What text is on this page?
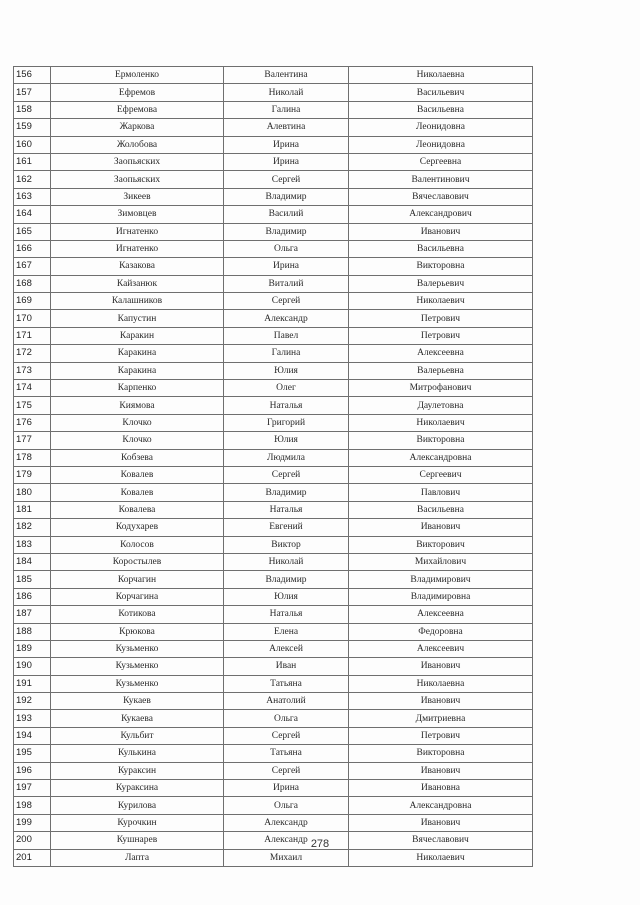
156	Ермоленко	Валентина	Николаевна
157	Ефремов	Николай	Васильевич
158	Ефремова	Галина	Васильевна
159	Жаркова	Алевтина	Леонидовна
160	Жолобова	Ирина	Леонидовна
161	Заопьяских	Ирина	Сергеевна
162	Заопьяских	Сергей	Валентинович
163	Зикеев	Владимир	Вячеславович
164	Зимовцев	Василий	Александрович
165	Игнатенко	Владимир	Иванович
166	Игнатенко	Ольга	Васильевна
167	Казакова	Ирина	Викторовна
168	Кайзанюк	Виталий	Валерьевич
169	Калашников	Сергей	Николаевич
170	Капустин	Александр	Петрович
171	Каракин	Павел	Петрович
172	Каракина	Галина	Алексеевна
173	Каракина	Юлия	Валерьевна
174	Карпенко	Олег	Митрофанович
175	Киямова	Наталья	Даулетовна
176	Клочко	Григорий	Николаевич
177	Клочко	Юлия	Викторовна
178	Кобзева	Людмила	Александровна
179	Ковалев	Сергей	Сергеевич
180	Ковалев	Владимир	Павлович
181	Ковалева	Наталья	Васильевна
182	Кодухарев	Евгений	Иванович
183	Колосов	Виктор	Викторович
184	Коростылев	Николай	Михайлович
185	Корчагин	Владимир	Владимирович
186	Корчагина	Юлия	Владимировна
187	Котикова	Наталья	Алексеевна
188	Крюкова	Елена	Федоровна
189	Кузьменко	Алексей	Алексеевич
190	Кузьменко	Иван	Иванович
191	Кузьменко	Татьяна	Николаевна
192	Кукаев	Анатолий	Иванович
193	Кукаева	Ольга	Дмитриевна
194	Кульбит	Сергей	Петрович
195	Кулькина	Татьяна	Викторовна
196	Кураксин	Сергей	Иванович
197	Кураксина	Ирина	Ивановна
198	Курилова	Ольга	Александровна
199	Курочкин	Александр	Иванович
200	Кушнарев	Александр	Вячеславович
201	Лапта	Михаил	Николаевич
278
